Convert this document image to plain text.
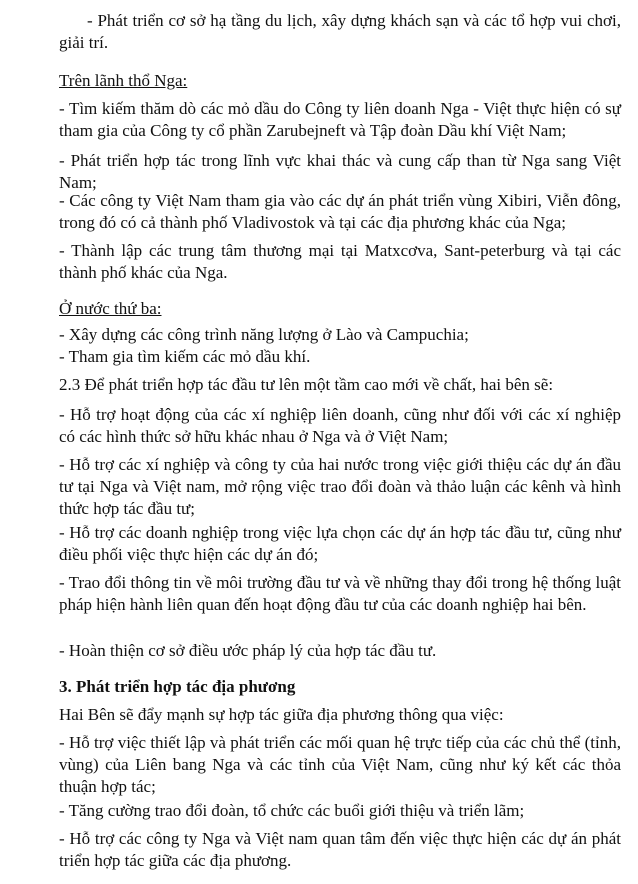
- Phát triển cơ sở hạ tầng du lịch, xây dựng khách sạn và các tổ hợp vui chơi, giải trí.

Trên lãnh thổ Nga:

- Tìm kiếm thăm dò các mỏ dầu do Công ty liên doanh Nga - Việt thực hiện có sự tham gia của Công ty cổ phần Zarubejneft và Tập đoàn Dầu khí Việt Nam;

- Phát triển hợp tác trong lĩnh vực khai thác và cung cấp than từ Nga sang Việt Nam;

- Các công ty Việt Nam tham gia vào các dự án phát triển vùng Xibiri, Viễn đông, trong đó có cả thành phố Vladivostok và tại các địa phương khác của Nga;

- Thành lập các trung tâm thương mại tại Matxcơva, Sant-peterburg và tại các thành phố khác của Nga.

Ở nước thứ ba:

- Xây dựng các công trình năng lượng ở Lào và Campuchia;

- Tham gia tìm kiếm các mỏ dầu khí.

2.3 Để phát triển hợp tác đầu tư lên một tầm cao mới về chất, hai bên sẽ:

- Hỗ trợ hoạt động của các xí nghiệp liên doanh, cũng như đối với các xí nghiệp có các hình thức sở hữu khác nhau ở Nga và ở Việt Nam;

- Hỗ trợ các xí nghiệp và công ty của hai nước trong việc giới thiệu các dự án đầu tư tại Nga và Việt nam, mở rộng việc trao đổi đoàn và thảo luận các kênh và hình thức hợp tác đầu tư;

- Hỗ trợ các doanh nghiệp trong việc lựa chọn các dự án hợp tác đầu tư, cũng như điều phối việc thực hiện các dự án đó;

- Trao đổi thông tin về môi trường đầu tư và về những thay đổi trong hệ thống luật pháp hiện hành liên quan đến hoạt động đầu tư của các doanh nghiệp hai bên.

- Hoàn thiện cơ sở điều ước pháp lý của hợp tác đầu tư.

3. Phát triển hợp tác địa phương

Hai Bên sẽ đẩy mạnh sự hợp tác giữa địa phương thông qua việc:

- Hỗ trợ việc thiết lập và phát triển các mối quan hệ trực tiếp của các chủ thể (tỉnh, vùng) của Liên bang Nga và các tỉnh của Việt Nam, cũng như ký kết các thỏa thuận hợp tác;

- Tăng cường trao đổi đoàn, tổ chức các buổi giới thiệu và triển lãm;

- Hỗ trợ các công ty Nga và Việt nam quan tâm đến việc thực hiện các dự án phát triển hợp tác giữa các địa phương.
